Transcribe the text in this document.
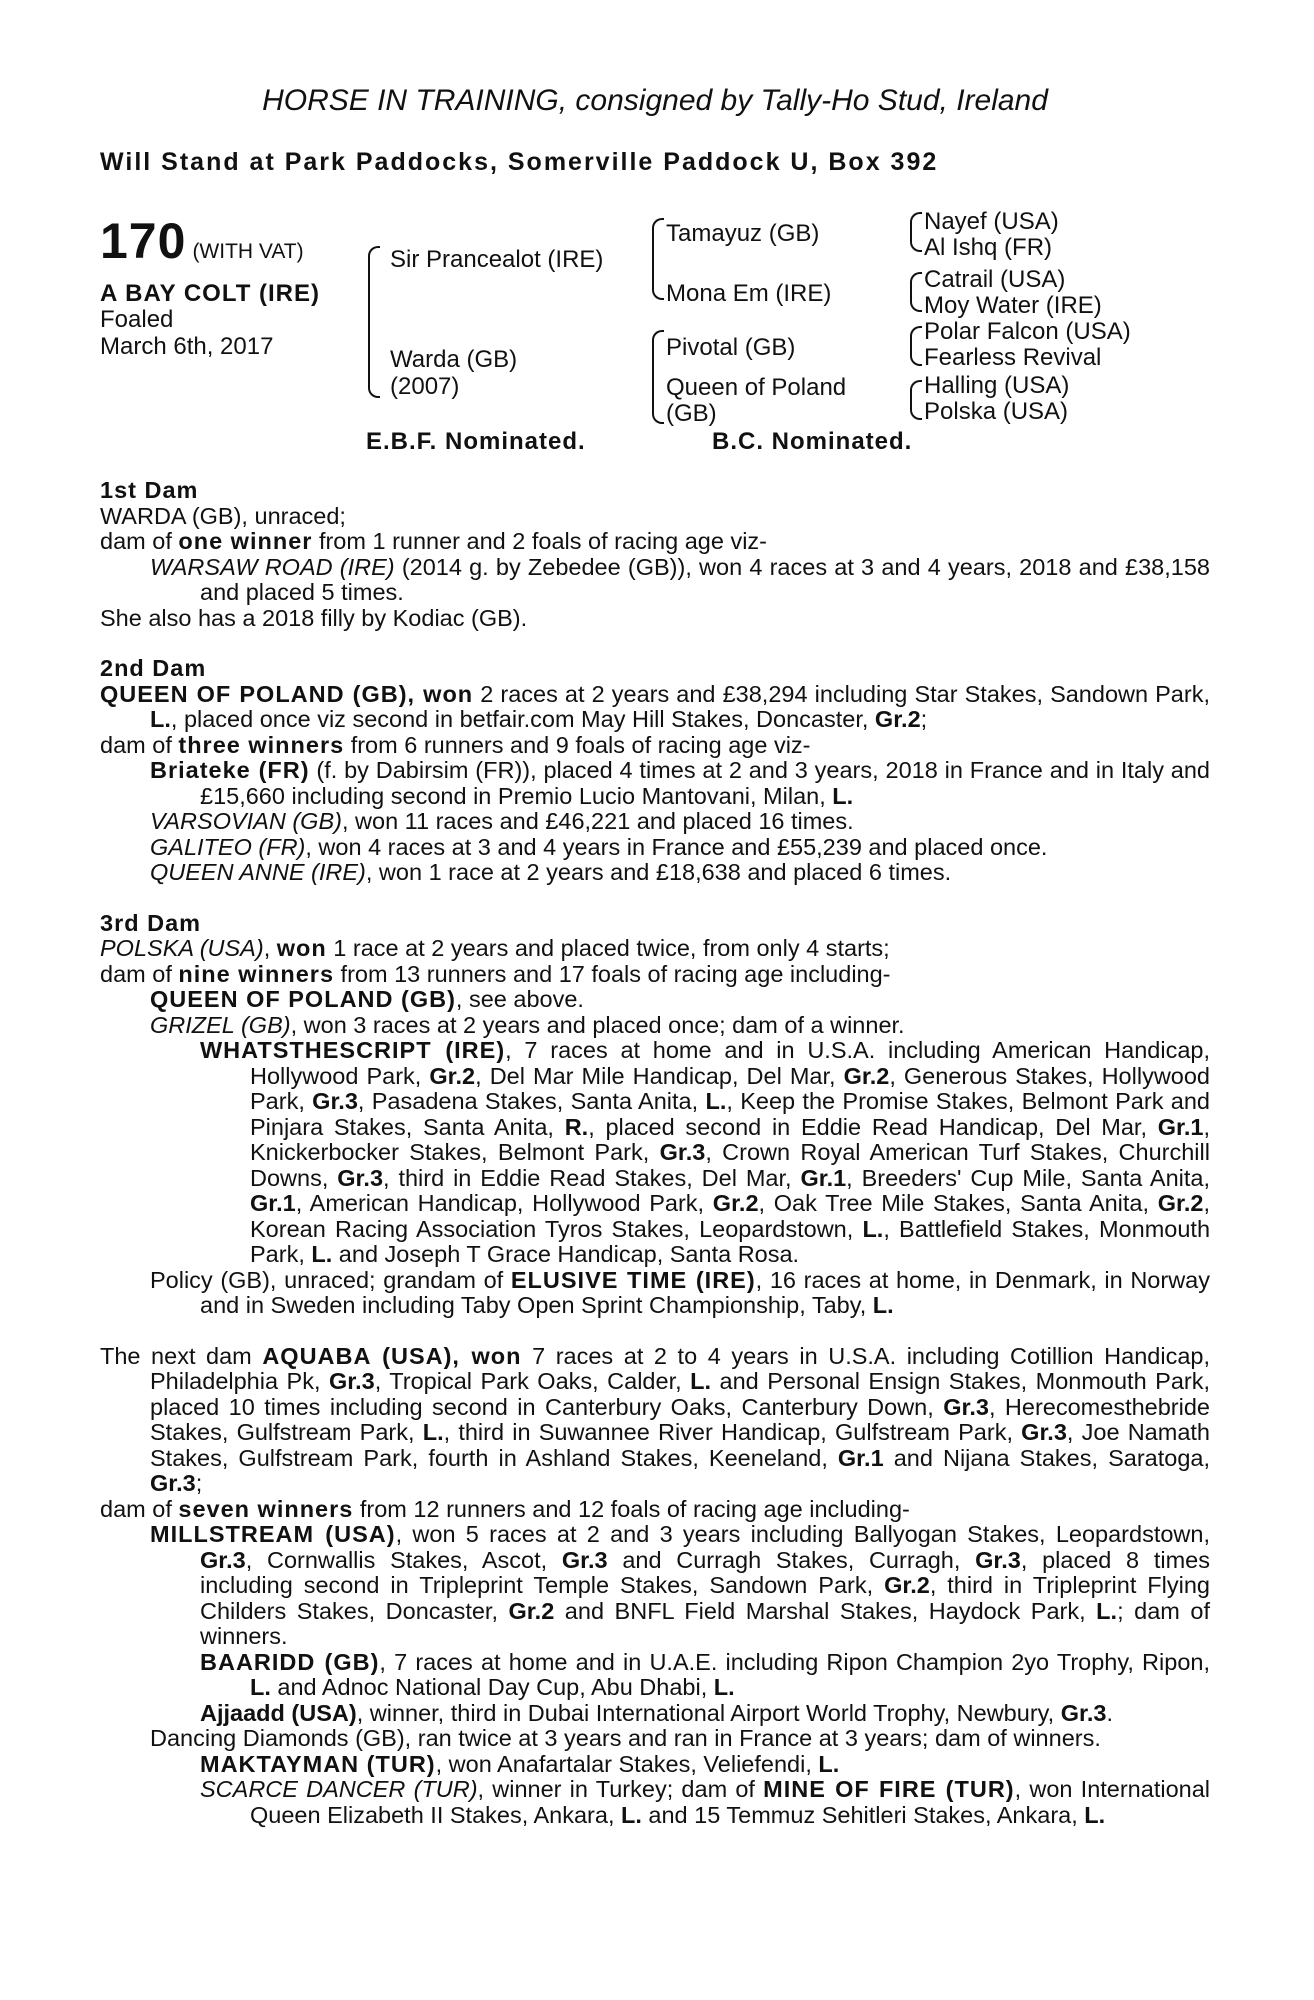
HORSE IN TRAINING, consigned by Tally-Ho Stud, Ireland
Will Stand at Park Paddocks, Somerville Paddock U, Box 392
170 (WITH VAT)
A BAY COLT (IRE)
Foaled
March 6th, 2017
Sir Prancealot (IRE)
Warda (GB)
(2007)
Tamayuz (GB)
Mona Em (IRE)
Pivotal (GB)
Queen of Poland
(GB)
Nayef (USA)
Al Ishq (FR)
Catrail (USA)
Moy Water (IRE)
Polar Falcon (USA)
Fearless Revival
Halling (USA)
Polska (USA)
E.B.F. Nominated.	B.C. Nominated.
1st Dam

WARDA (GB), unraced;

dam of one winner from 1 runner and 2 foals of racing age viz-

WARSAW ROAD (IRE) (2014 g. by Zebedee (GB)), won 4 races at 3 and 4 years, 2018 and £38,158 and placed 5 times.

She also has a 2018 filly by Kodiac (GB).

2nd Dam

QUEEN OF POLAND (GB), won 2 races at 2 years and £38,294 including Star Stakes, Sandown Park, L., placed once viz second in betfair.com May Hill Stakes, Doncaster, Gr.2;

dam of three winners from 6 runners and 9 foals of racing age viz-

Briateke (FR) (f. by Dabirsim (FR)), placed 4 times at 2 and 3 years, 2018 in France and in Italy and £15,660 including second in Premio Lucio Mantovani, Milan, L.

VARSOVIAN (GB), won 11 races and £46,221 and placed 16 times.

GALITEO (FR), won 4 races at 3 and 4 years in France and £55,239 and placed once.

QUEEN ANNE (IRE), won 1 race at 2 years and £18,638 and placed 6 times.

3rd Dam

POLSKA (USA), won 1 race at 2 years and placed twice, from only 4 starts;

dam of nine winners from 13 runners and 17 foals of racing age including-

QUEEN OF POLAND (GB), see above.

GRIZEL (GB), won 3 races at 2 years and placed once; dam of a winner.

WHATSTHESCRIPT (IRE), 7 races at home and in U.S.A. including American Handicap, Hollywood Park, Gr.2, Del Mar Mile Handicap, Del Mar, Gr.2, Generous Stakes, Hollywood Park, Gr.3, Pasadena Stakes, Santa Anita, L., Keep the Promise Stakes, Belmont Park and Pinjara Stakes, Santa Anita, R., placed second in Eddie Read Handicap, Del Mar, Gr.1, Knickerbocker Stakes, Belmont Park, Gr.3, Crown Royal American Turf Stakes, Churchill Downs, Gr.3, third in Eddie Read Stakes, Del Mar, Gr.1, Breeders' Cup Mile, Santa Anita, Gr.1, American Handicap, Hollywood Park, Gr.2, Oak Tree Mile Stakes, Santa Anita, Gr.2, Korean Racing Association Tyros Stakes, Leopardstown, L., Battlefield Stakes, Monmouth Park, L. and Joseph T Grace Handicap, Santa Rosa.

Policy (GB), unraced; grandam of ELUSIVE TIME (IRE), 16 races at home, in Denmark, in Norway and in Sweden including Taby Open Sprint Championship, Taby, L.

The next dam AQUABA (USA), won 7 races at 2 to 4 years in U.S.A. including Cotillion Handicap, Philadelphia Pk, Gr.3, Tropical Park Oaks, Calder, L. and Personal Ensign Stakes, Monmouth Park, placed 10 times including second in Canterbury Oaks, Canterbury Down, Gr.3, Herecomesthebride Stakes, Gulfstream Park, L., third in Suwannee River Handicap, Gulfstream Park, Gr.3, Joe Namath Stakes, Gulfstream Park, fourth in Ashland Stakes, Keeneland, Gr.1 and Nijana Stakes, Saratoga, Gr.3;

dam of seven winners from 12 runners and 12 foals of racing age including-

MILLSTREAM (USA), won 5 races at 2 and 3 years including Ballyogan Stakes, Leopardstown, Gr.3, Cornwallis Stakes, Ascot, Gr.3 and Curragh Stakes, Curragh, Gr.3, placed 8 times including second in Tripleprint Temple Stakes, Sandown Park, Gr.2, third in Tripleprint Flying Childers Stakes, Doncaster, Gr.2 and BNFL Field Marshal Stakes, Haydock Park, L.; dam of winners.

BAARIDD (GB), 7 races at home and in U.A.E. including Ripon Champion 2yo Trophy, Ripon, L. and Adnoc National Day Cup, Abu Dhabi, L.

Ajjaadd (USA), winner, third in Dubai International Airport World Trophy, Newbury, Gr.3.

Dancing Diamonds (GB), ran twice at 3 years and ran in France at 3 years; dam of winners.

MAKTAYMAN (TUR), won Anafartalar Stakes, Veliefendi, L.

SCARCE DANCER (TUR), winner in Turkey; dam of MINE OF FIRE (TUR), won International Queen Elizabeth II Stakes, Ankara, L. and 15 Temmuz Sehitleri Stakes, Ankara, L.
